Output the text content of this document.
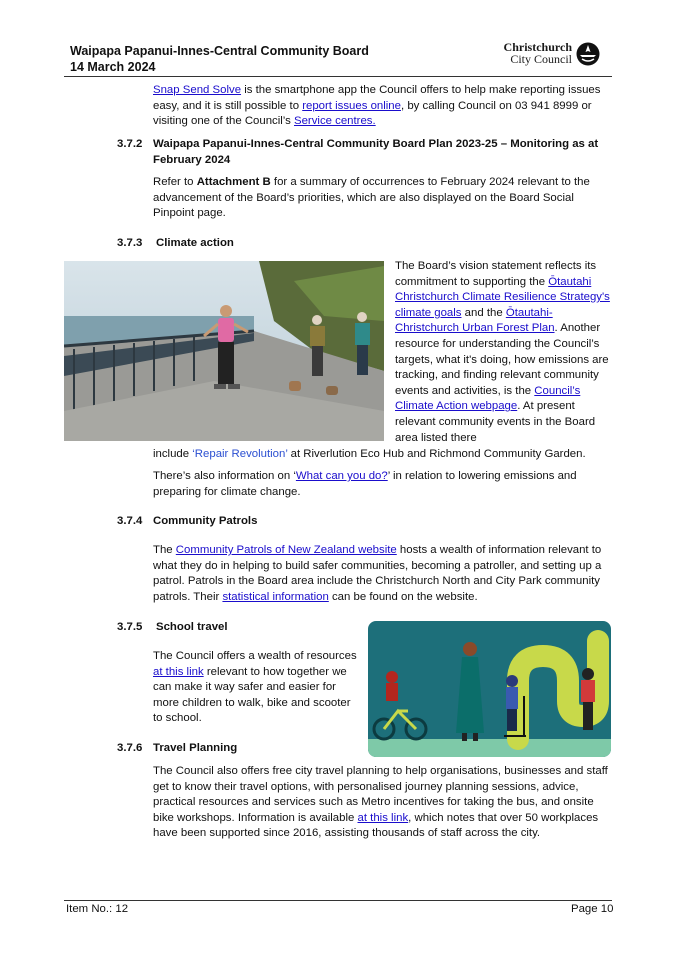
Waipapa Papanui-Innes-Central Community Board
14 March 2024
Christchurch
City Council
Snap Send Solve is the smartphone app the Council offers to help make reporting issues easy, and it is still possible to report issues online, by calling Council on 03 941 8999 or visiting one of the Council’s Service centres.
3.7.2 Waipapa Papanui-Innes-Central Community Board Plan 2023-25 – Monitoring as at February 2024
Refer to Attachment B for a summary of occurrences to February 2024 relevant to the advancement of the Board’s priorities, which are also displayed on the Board Social Pinpoint page.
3.7.3 Climate action
The Board’s vision statement reflects its commitment to supporting the Ōtautahi Christchurch Climate Resilience Strategy's climate goals and the Ōtautahi-Christchurch Urban Forest Plan. Another resource for understanding the Council’s targets, what it's doing, how emissions are tracking, and finding relevant community events and activities, is the Council’s Climate Action webpage. At present relevant community events in the Board area listed there
include ‘Repair Revolution’ at Riverlution Eco Hub and Richmond Community Garden.
There’s also information on ‘What can you do?’ in relation to lowering emissions and preparing for climate change.
3.7.4 Community Patrols
The Community Patrols of New Zealand website hosts a wealth of information relevant to what they do in helping to build safer communities, becoming a patroller, and setting up a patrol. Patrols in the Board area include the Christchurch North and City Park community patrols. Their statistical information can be found on the website.
3.7.5 School travel
The Council offers a wealth of resources at this link relevant to how together we can make it way safer and easier for more children to walk, bike and scooter to school.
3.7.6 Travel Planning
The Council also offers free city travel planning to help organisations, businesses and staff get to know their travel options, with personalised journey planning sessions, advice, practical resources and services such as Metro incentives for taking the bus, and onsite bike workshops. Information is available at this link, which notes that over 50 workplaces have been supported since 2016, assisting thousands of staff across the city.
Item No.: 12	Page 10
